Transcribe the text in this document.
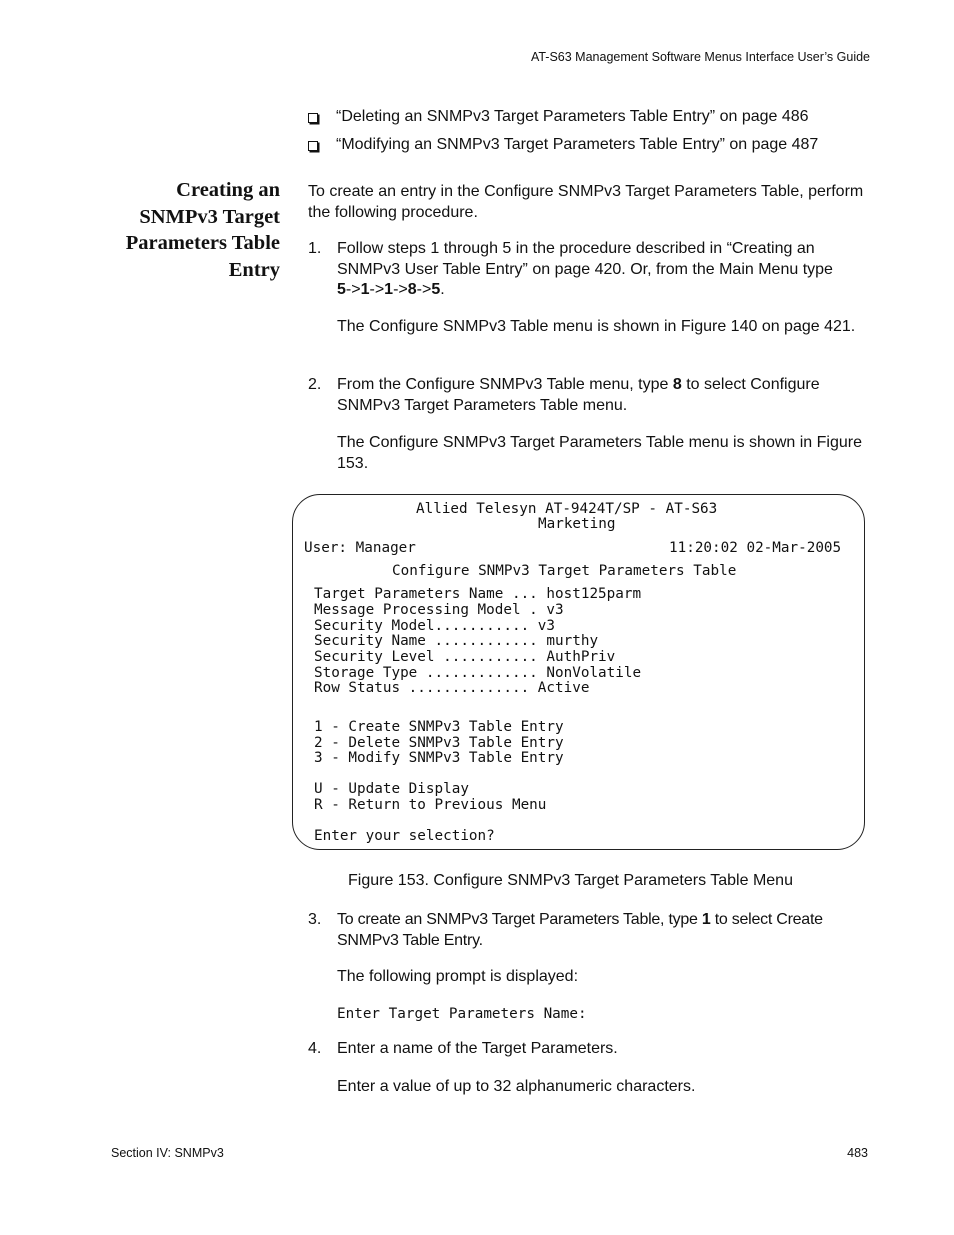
AT-S63 Management Software Menus Interface User’s Guide
“Deleting an SNMPv3 Target Parameters Table Entry” on page 486
“Modifying an SNMPv3 Target Parameters Table Entry” on page 487
Creating an
SNMPv3 Target
Parameters Table
Entry
To create an entry in the Configure SNMPv3 Target Parameters Table, perform the following procedure.
1. Follow steps 1 through 5 in the procedure described in “Creating an SNMPv3 User Table Entry” on page 420. Or, from the Main Menu type
5->1->1->8->5.
The Configure SNMPv3 Table menu is shown in Figure 140 on page 421.
2. From the Configure SNMPv3 Table menu, type 8 to select Configure SNMPv3 Target Parameters Table menu.
The Configure SNMPv3 Target Parameters Table menu is shown in Figure 153.
Allied Telesyn AT-9424T/SP - AT-S63
Marketing
User: Manager	11:20:02 02-Mar-2005
Configure SNMPv3 Target Parameters Table
Target Parameters Name ... host125parm
Message Processing Model . v3
Security Model........... v3
Security Name ............ murthy
Security Level ........... AuthPriv
Storage Type ............. NonVolatile
Row Status .............. Active
1 - Create SNMPv3 Table Entry
2 - Delete SNMPv3 Table Entry
3 - Modify SNMPv3 Table Entry
U - Update Display
R - Return to Previous Menu
Enter your selection?
Figure 153. Configure SNMPv3 Target Parameters Table Menu
3. To create an SNMPv3 Target Parameters Table, type 1 to select Create SNMPv3 Table Entry.
The following prompt is displayed:
Enter Target Parameters Name:
4. Enter a name of the Target Parameters.
Enter a value of up to 32 alphanumeric characters.
Section IV: SNMPv3	483
